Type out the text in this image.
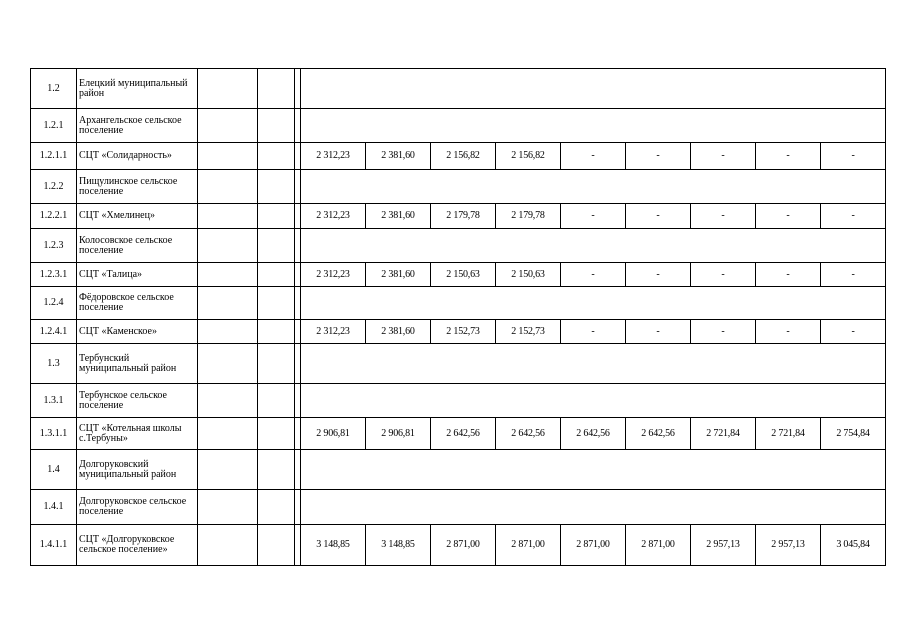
1.2	Елецкий муниципальный район												
1.2.1	Архангельское сельское поселение												
1.2.1.1	СЦТ «Солидарность»				2 312,23	2 381,60	2 156,82	2 156,82	-	-	-	-	-
1.2.2	Пищулинское сельское поселение												
1.2.2.1	СЦТ «Хмелинец»				2 312,23	2 381,60	2 179,78	2 179,78	-	-	-	-	-
1.2.3	Колосовское сельское поселение												
1.2.3.1	СЦТ «Талица»				2 312,23	2 381,60	2 150,63	2 150,63	-	-	-	-	-
1.2.4	Фёдоровское сельское поселение												
1.2.4.1	СЦТ «Каменское»				2 312,23	2 381,60	2 152,73	2 152,73	-	-	-	-	-
1.3	Тербунский муниципальный район												
1.3.1	Тербунское сельское поселение												
1.3.1.1	СЦТ «Котельная школы с.Тербуны»				2 906,81	2 906,81	2 642,56	2 642,56	2 642,56	2 642,56	2 721,84	2 721,84	2 754,84
1.4	Долгоруковский муниципальный район												
1.4.1	Долгоруковское сельское поселение												
1.4.1.1	СЦТ «Долгоруковское сельское поселение»				3 148,85	3 148,85	2 871,00	2 871,00	2 871,00	2 871,00	2 957,13	2 957,13	3 045,84
